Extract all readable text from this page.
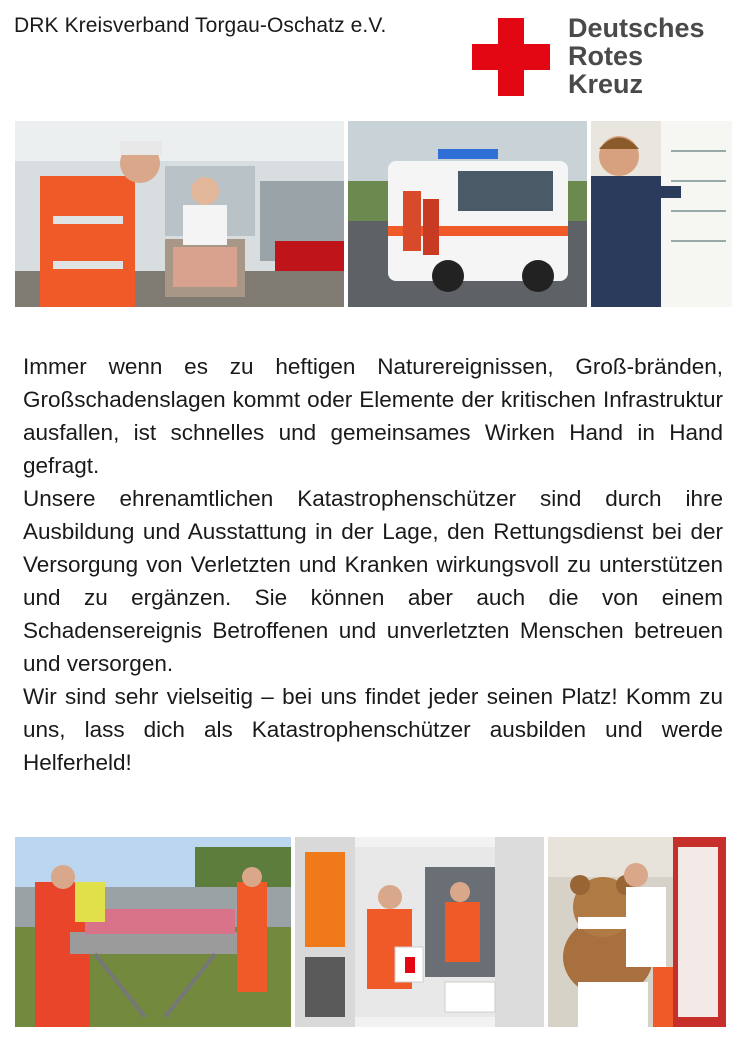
DRK Kreisverband Torgau-Oschatz e.V.	Deutsches
Rotes
Kreuz

Immer wenn es zu heftigen Naturereignissen, Groß-bränden, Großschadenslagen kommt oder Elemente der kritischen Infrastruktur ausfallen, ist schnelles und gemeinsames Wirken Hand in Hand gefragt.

Unsere ehrenamtlichen Katastrophenschützer sind durch ihre Ausbildung und Ausstattung in der Lage, den Rettungsdienst bei der Versorgung von Verletzten und Kranken wirkungsvoll zu unterstützen und zu ergänzen. Sie können aber auch die von einem Schadensereignis Betroffenen und unverletzten Menschen betreuen und versorgen.

Wir sind sehr vielseitig – bei uns findet jeder seinen Platz! Komm zu uns, lass dich als Katastrophenschützer ausbilden und werde Helferheld!
